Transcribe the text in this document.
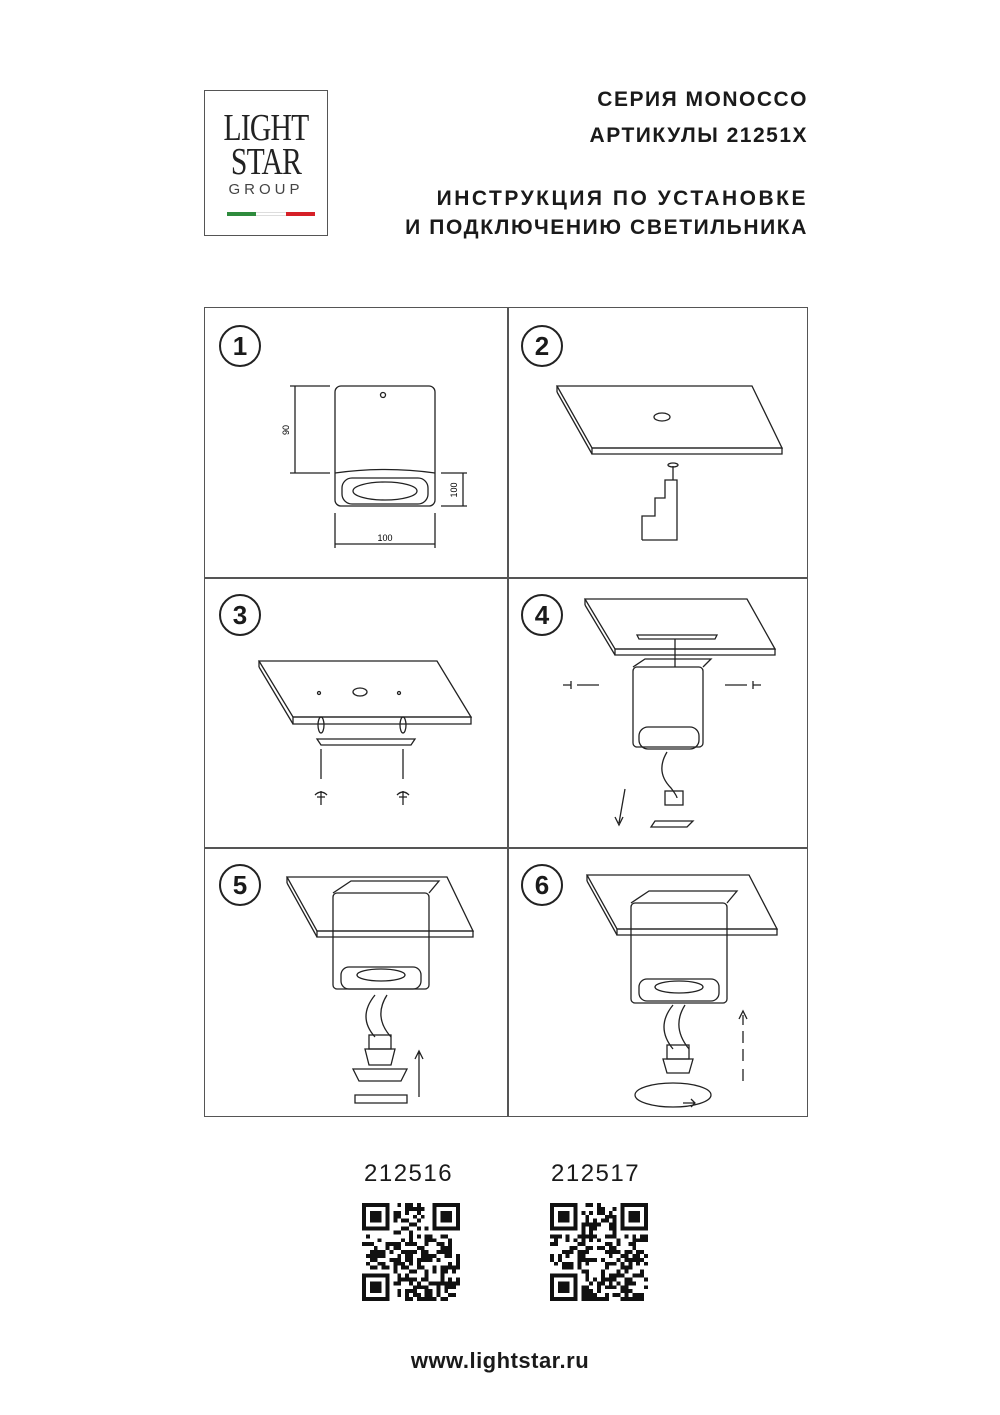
LIGHT
STAR
GROUP
СЕРИЯ MONOCCO
АРТИКУЛЫ 21251X
ИНСТРУКЦИЯ ПО УСТАНОВКЕ
И ПОДКЛЮЧЕНИЮ СВЕТИЛЬНИКА
1
90
100
100
2
3	4
5	6
212516	212517
www.lightstar.ru
